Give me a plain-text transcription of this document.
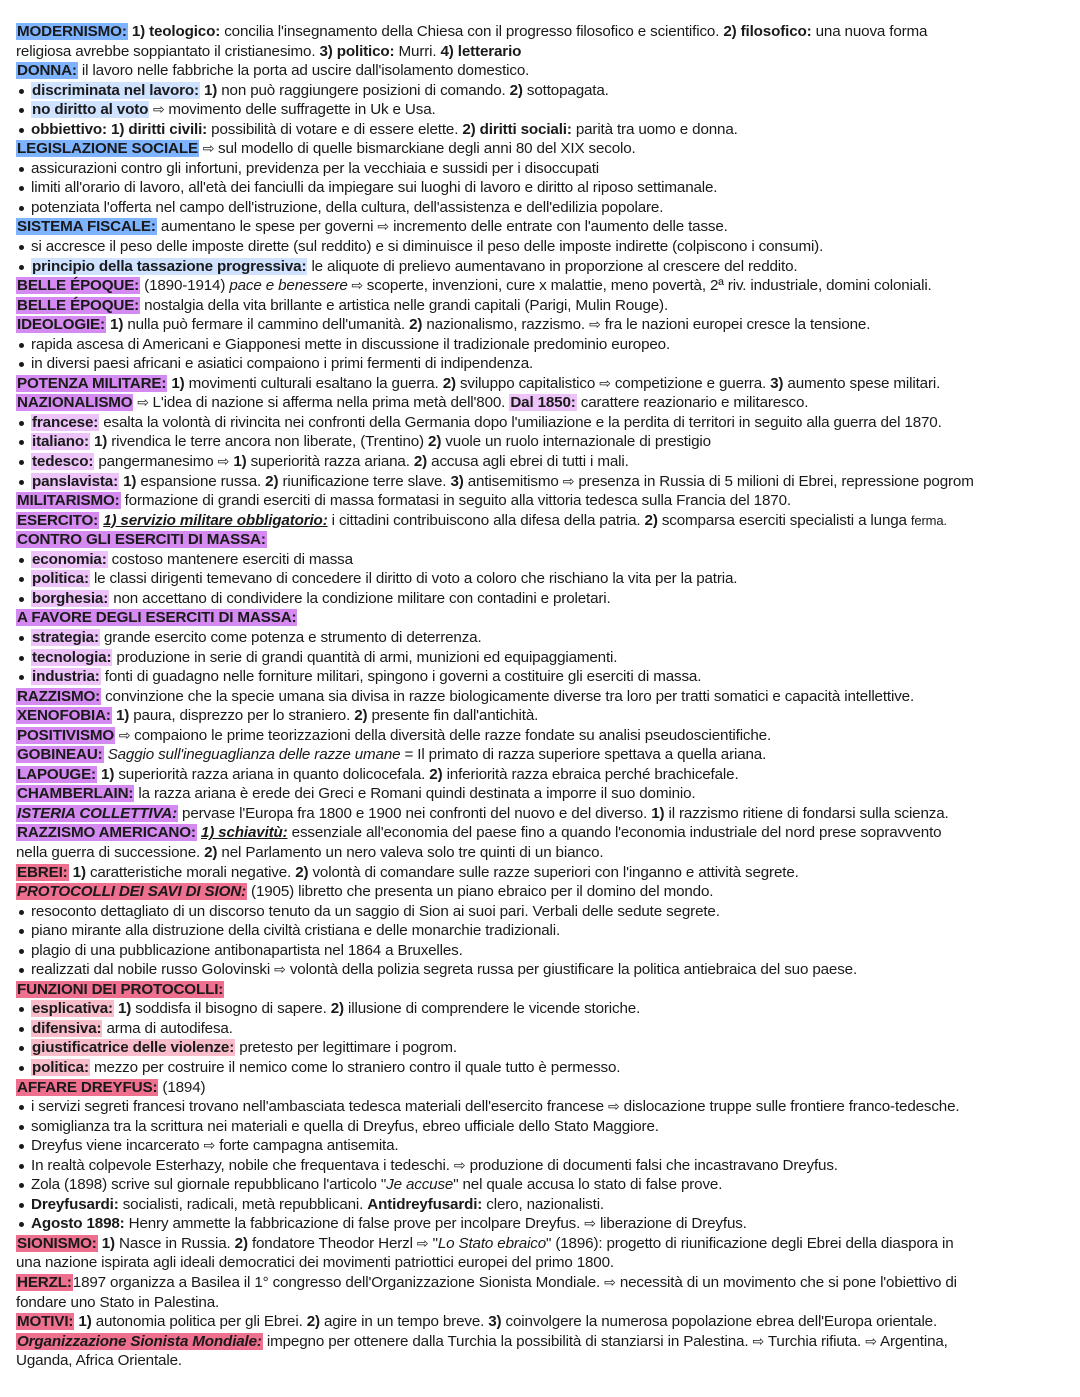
MODERNISMO: 1) teologico: concilia l'insegnamento della Chiesa con il progresso filosofico e scientifico. 2) filosofico: una nuova forma
religiosa avrebbe soppiantato il cristianesimo. 3) politico: Murri. 4) letterario
DONNA: il lavoro nelle fabbriche la porta ad uscire dall'isolamento domestico.
discriminata nel lavoro: 1) non può raggiungere posizioni di comando. 2) sottopagata.
no diritto al voto ⇨ movimento delle suffragette in Uk e Usa.
obbiettivo: 1) diritti civili: possibilità di votare e di essere elette. 2) diritti sociali: parità tra uomo e donna.
LEGISLAZIONE SOCIALE ⇨ sul modello di quelle bismarckiane degli anni 80 del XIX secolo.
assicurazioni contro gli infortuni, previdenza per la vecchiaia e sussidi per i disoccupati
limiti all'orario di lavoro, all'età dei fanciulli da impiegare sui luoghi di lavoro e diritto al riposo settimanale.
potenziata l'offerta nel campo dell'istruzione, della cultura, dell'assistenza e dell'edilizia popolare.
SISTEMA FISCALE: aumentano le spese per governi ⇨ incremento delle entrate con l'aumento delle tasse.
si accresce il peso delle imposte dirette (sul reddito) e si diminuisce il peso delle imposte indirette (colpiscono i consumi).
principio della tassazione progressiva: le aliquote di prelievo aumentavano in proporzione al crescere del reddito.
BELLE ÉPOQUE: (1890-1914) pace e benessere ⇨ scoperte, invenzioni, cure x malattie, meno povertà, 2ª riv. industriale, domini coloniali.
BELLE ÉPOQUE: nostalgia della vita brillante e artistica nelle grandi capitali (Parigi, Mulin Rouge).
IDEOLOGIE: 1) nulla può fermare il cammino dell'umanità. 2) nazionalismo, razzismo. ⇨ fra le nazioni europei cresce la tensione.
rapida ascesa di Americani e Giapponesi mette in discussione il tradizionale predominio europeo.
in diversi paesi africani e asiatici compaiono i primi fermenti di indipendenza.
POTENZA MILITARE: 1) movimenti culturali esaltano la guerra. 2) sviluppo capitalistico ⇨ competizione e guerra. 3) aumento spese militari.
NAZIONALISMO ⇨ L'idea di nazione si afferma nella prima metà dell'800. Dal 1850: carattere reazionario e militaresco.
francese: esalta la volontà di rivincita nei confronti della Germania dopo l'umiliazione e la perdita di territori in seguito alla guerra del 1870.
italiano: 1) rivendica le terre ancora non liberate, (Trentino) 2) vuole un ruolo internazionale di prestigio
tedesco: pangermanesimo ⇨ 1) superiorità razza ariana. 2) accusa agli ebrei di tutti i mali.
panslavista: 1) espansione russa. 2) riunificazione terre slave. 3) antisemitismo ⇨ presenza in Russia di 5 milioni di Ebrei, repressione pogrom
MILITARISMO: formazione di grandi eserciti di massa formatasi in seguito alla vittoria tedesca sulla Francia del 1870.
ESERCITO: 1) servizio militare obbligatorio: i cittadini contribuiscono alla difesa della patria. 2) scomparsa eserciti specialisti a lunga ferma.
CONTRO GLI ESERCITI DI MASSA:
economia: costoso mantenere eserciti di massa
politica: le classi dirigenti temevano di concedere il diritto di voto a coloro che rischiano la vita per la patria.
borghesia: non accettano di condividere la condizione militare con contadini e proletari.
A FAVORE DEGLI ESERCITI DI MASSA:
strategia: grande esercito come potenza e strumento di deterrenza.
tecnologia: produzione in serie di grandi quantità di armi, munizioni ed equipaggiamenti.
industria: fonti di guadagno nelle forniture militari, spingono i governi a costituire gli eserciti di massa.
RAZZISMO: convinzione che la specie umana sia divisa in razze biologicamente diverse tra loro per tratti somatici e capacità intellettive.
XENOFOBIA: 1) paura, disprezzo per lo straniero. 2) presente fin dall'antichità.
POSITIVISMO ⇨ compaiono le prime teorizzazioni della diversità delle razze fondate su analisi pseudoscientifiche.
GOBINEAU: Saggio sull'ineguaglianza delle razze umane = Il primato di razza superiore spettava a quella ariana.
LAPOUGE: 1) superiorità razza ariana in quanto dolicocefala. 2) inferiorità razza ebraica perché brachicefale.
CHAMBERLAIN: la razza ariana è erede dei Greci e Romani quindi destinata a imporre il suo dominio.
ISTERIA COLLETTIVA: pervase l'Europa fra 1800 e 1900 nei confronti del nuovo e del diverso. 1) il razzismo ritiene di fondarsi sulla scienza.
RAZZISMO AMERICANO: 1) schiavitù: essenziale all'economia del paese fino a quando l'economia industriale del nord prese sopravvento
nella guerra di successione. 2) nel Parlamento un nero valeva solo tre quinti di un bianco.
EBREI: 1) caratteristiche morali negative. 2) volontà di comandare sulle razze superiori con l'inganno e attività segrete.
PROTOCOLLI DEI SAVI DI SION: (1905) libretto che presenta un piano ebraico per il domino del mondo.
resoconto dettagliato di un discorso tenuto da un saggio di Sion ai suoi pari. Verbali delle sedute segrete.
piano mirante alla distruzione della civiltà cristiana e delle monarchie tradizionali.
plagio di una pubblicazione antibonapartista nel 1864 a Bruxelles.
realizzati dal nobile russo Golovinski ⇨ volontà della polizia segreta russa per giustificare la politica antiebraica del suo paese.
FUNZIONI DEI PROTOCOLLI:
esplicativa: 1) soddisfa il bisogno di sapere. 2) illusione di comprendere le vicende storiche.
difensiva: arma di autodifesa.
giustificatrice delle violenze: pretesto per legittimare i pogrom.
politica: mezzo per costruire il nemico come lo straniero contro il quale tutto è permesso.
AFFARE DREYFUS: (1894)
i servizi segreti francesi trovano nell'ambasciata tedesca materiali dell'esercito francese ⇨ dislocazione truppe sulle frontiere franco-tedesche.
somiglianza tra la scrittura nei materiali e quella di Dreyfus, ebreo ufficiale dello Stato Maggiore.
Dreyfus viene incarcerato ⇨ forte campagna antisemita.
In realtà colpevole Esterhazy, nobile che frequentava i tedeschi. ⇨ produzione di documenti falsi che incastravano Dreyfus.
Zola (1898) scrive sul giornale repubblicano l'articolo "Je accuse" nel quale accusa lo stato di false prove.
Dreyfusardi: socialisti, radicali, metà repubblicani. Antidreyfusardi: clero, nazionalisti.
Agosto 1898: Henry ammette la fabbricazione di false prove per incolpare Dreyfus. ⇨ liberazione di Dreyfus.
SIONISMO: 1) Nasce in Russia. 2) fondatore Theodor Herzl ⇨ "Lo Stato ebraico" (1896): progetto di riunificazione degli Ebrei della diaspora in
una nazione ispirata agli ideali democratici dei movimenti patriottici europei del primo 1800.
HERZL:1897 organizza a Basilea il 1° congresso dell'Organizzazione Sionista Mondiale. ⇨ necessità di un movimento che si pone l'obiettivo di
fondare uno Stato in Palestina.
MOTIVI: 1) autonomia politica per gli Ebrei. 2) agire in un tempo breve. 3) coinvolgere la numerosa popolazione ebrea dell'Europa orientale.
Organizzazione Sionista Mondiale: impegno per ottenere dalla Turchia la possibilità di stanziarsi in Palestina. ⇨ Turchia rifiuta. ⇨ Argentina,
Uganda, Africa Orientale.
